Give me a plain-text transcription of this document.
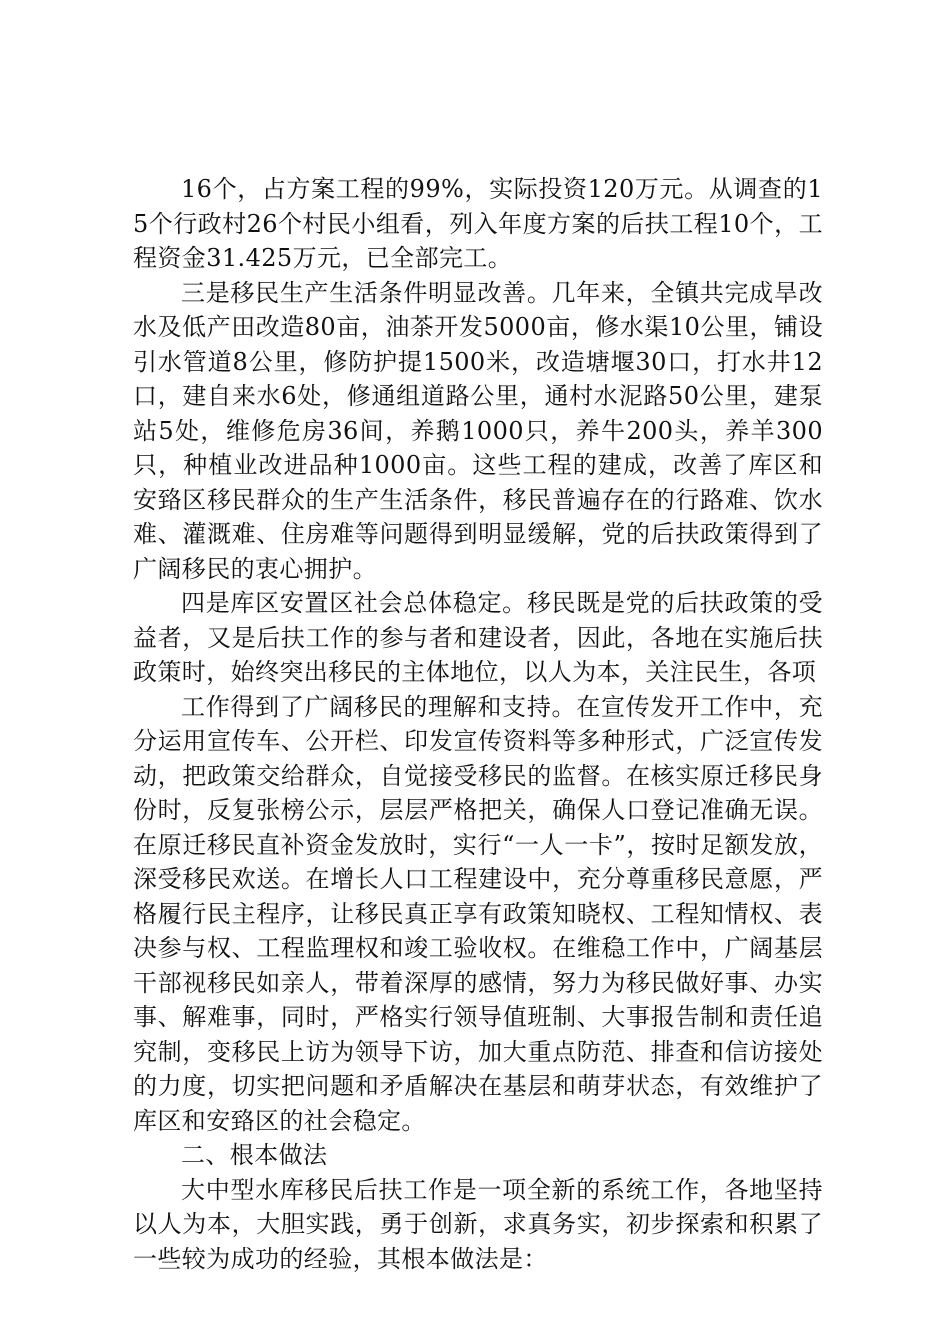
16个，占方案工程的99%，实际投资120万元。从调查的15个行政村26个村民小组看，列入年度方案的后扶工程10个，工程资金31.425万元，已全部完工。

三是移民生产生活条件明显改善。几年来，全镇共完成旱改水及低产田改造80亩，油茶开发5000亩，修水渠10公里，铺设引水管道8公里，修防护提1500米，改造塘堰30口，打水井12口，建自来水6处，修通组道路公里，通村水泥路50公里，建泵站5处，维修危房36间，养鹅1000只，养牛200头，养羊300只，种植业改进品种1000亩。这些工程的建成，改善了库区和安臵区移民群众的生产生活条件，移民普遍存在的行路难、饮水难、灌溉难、住房难等问题得到明显缓解，党的后扶政策得到了广阔移民的衷心拥护。

四是库区安置区社会总体稳定。移民既是党的后扶政策的受益者，又是后扶工作的参与者和建设者，因此，各地在实施后扶政策时，始终突出移民的主体地位，以人为本，关注民生，各项

工作得到了广阔移民的理解和支持。在宣传发开工作中，充分运用宣传车、公开栏、印发宣传资料等多种形式，广泛宣传发动，把政策交给群众，自觉接受移民的监督。在核实原迁移民身份时，反复张榜公示，层层严格把关，确保人口登记准确无误。在原迁移民直补资金发放时，实行“一人一卡”，按时足额发放，深受移民欢送。在增长人口工程建设中，充分尊重移民意愿，严格履行民主程序，让移民真正享有政策知晓权、工程知情权、表决参与权、工程监理权和竣工验收权。在维稳工作中，广阔基层干部视移民如亲人，带着深厚的感情，努力为移民做好事、办实事、解难事，同时，严格实行领导值班制、大事报告制和责任追究制，变移民上访为领导下访，加大重点防范、排查和信访接处的力度，切实把问题和矛盾解决在基层和萌芽状态，有效维护了库区和安臵区的社会稳定。

二、根本做法

大中型水库移民后扶工作是一项全新的系统工作，各地坚持以人为本，大胆实践，勇于创新，求真务实，初步探索和积累了一些较为成功的经验，其根本做法是：
